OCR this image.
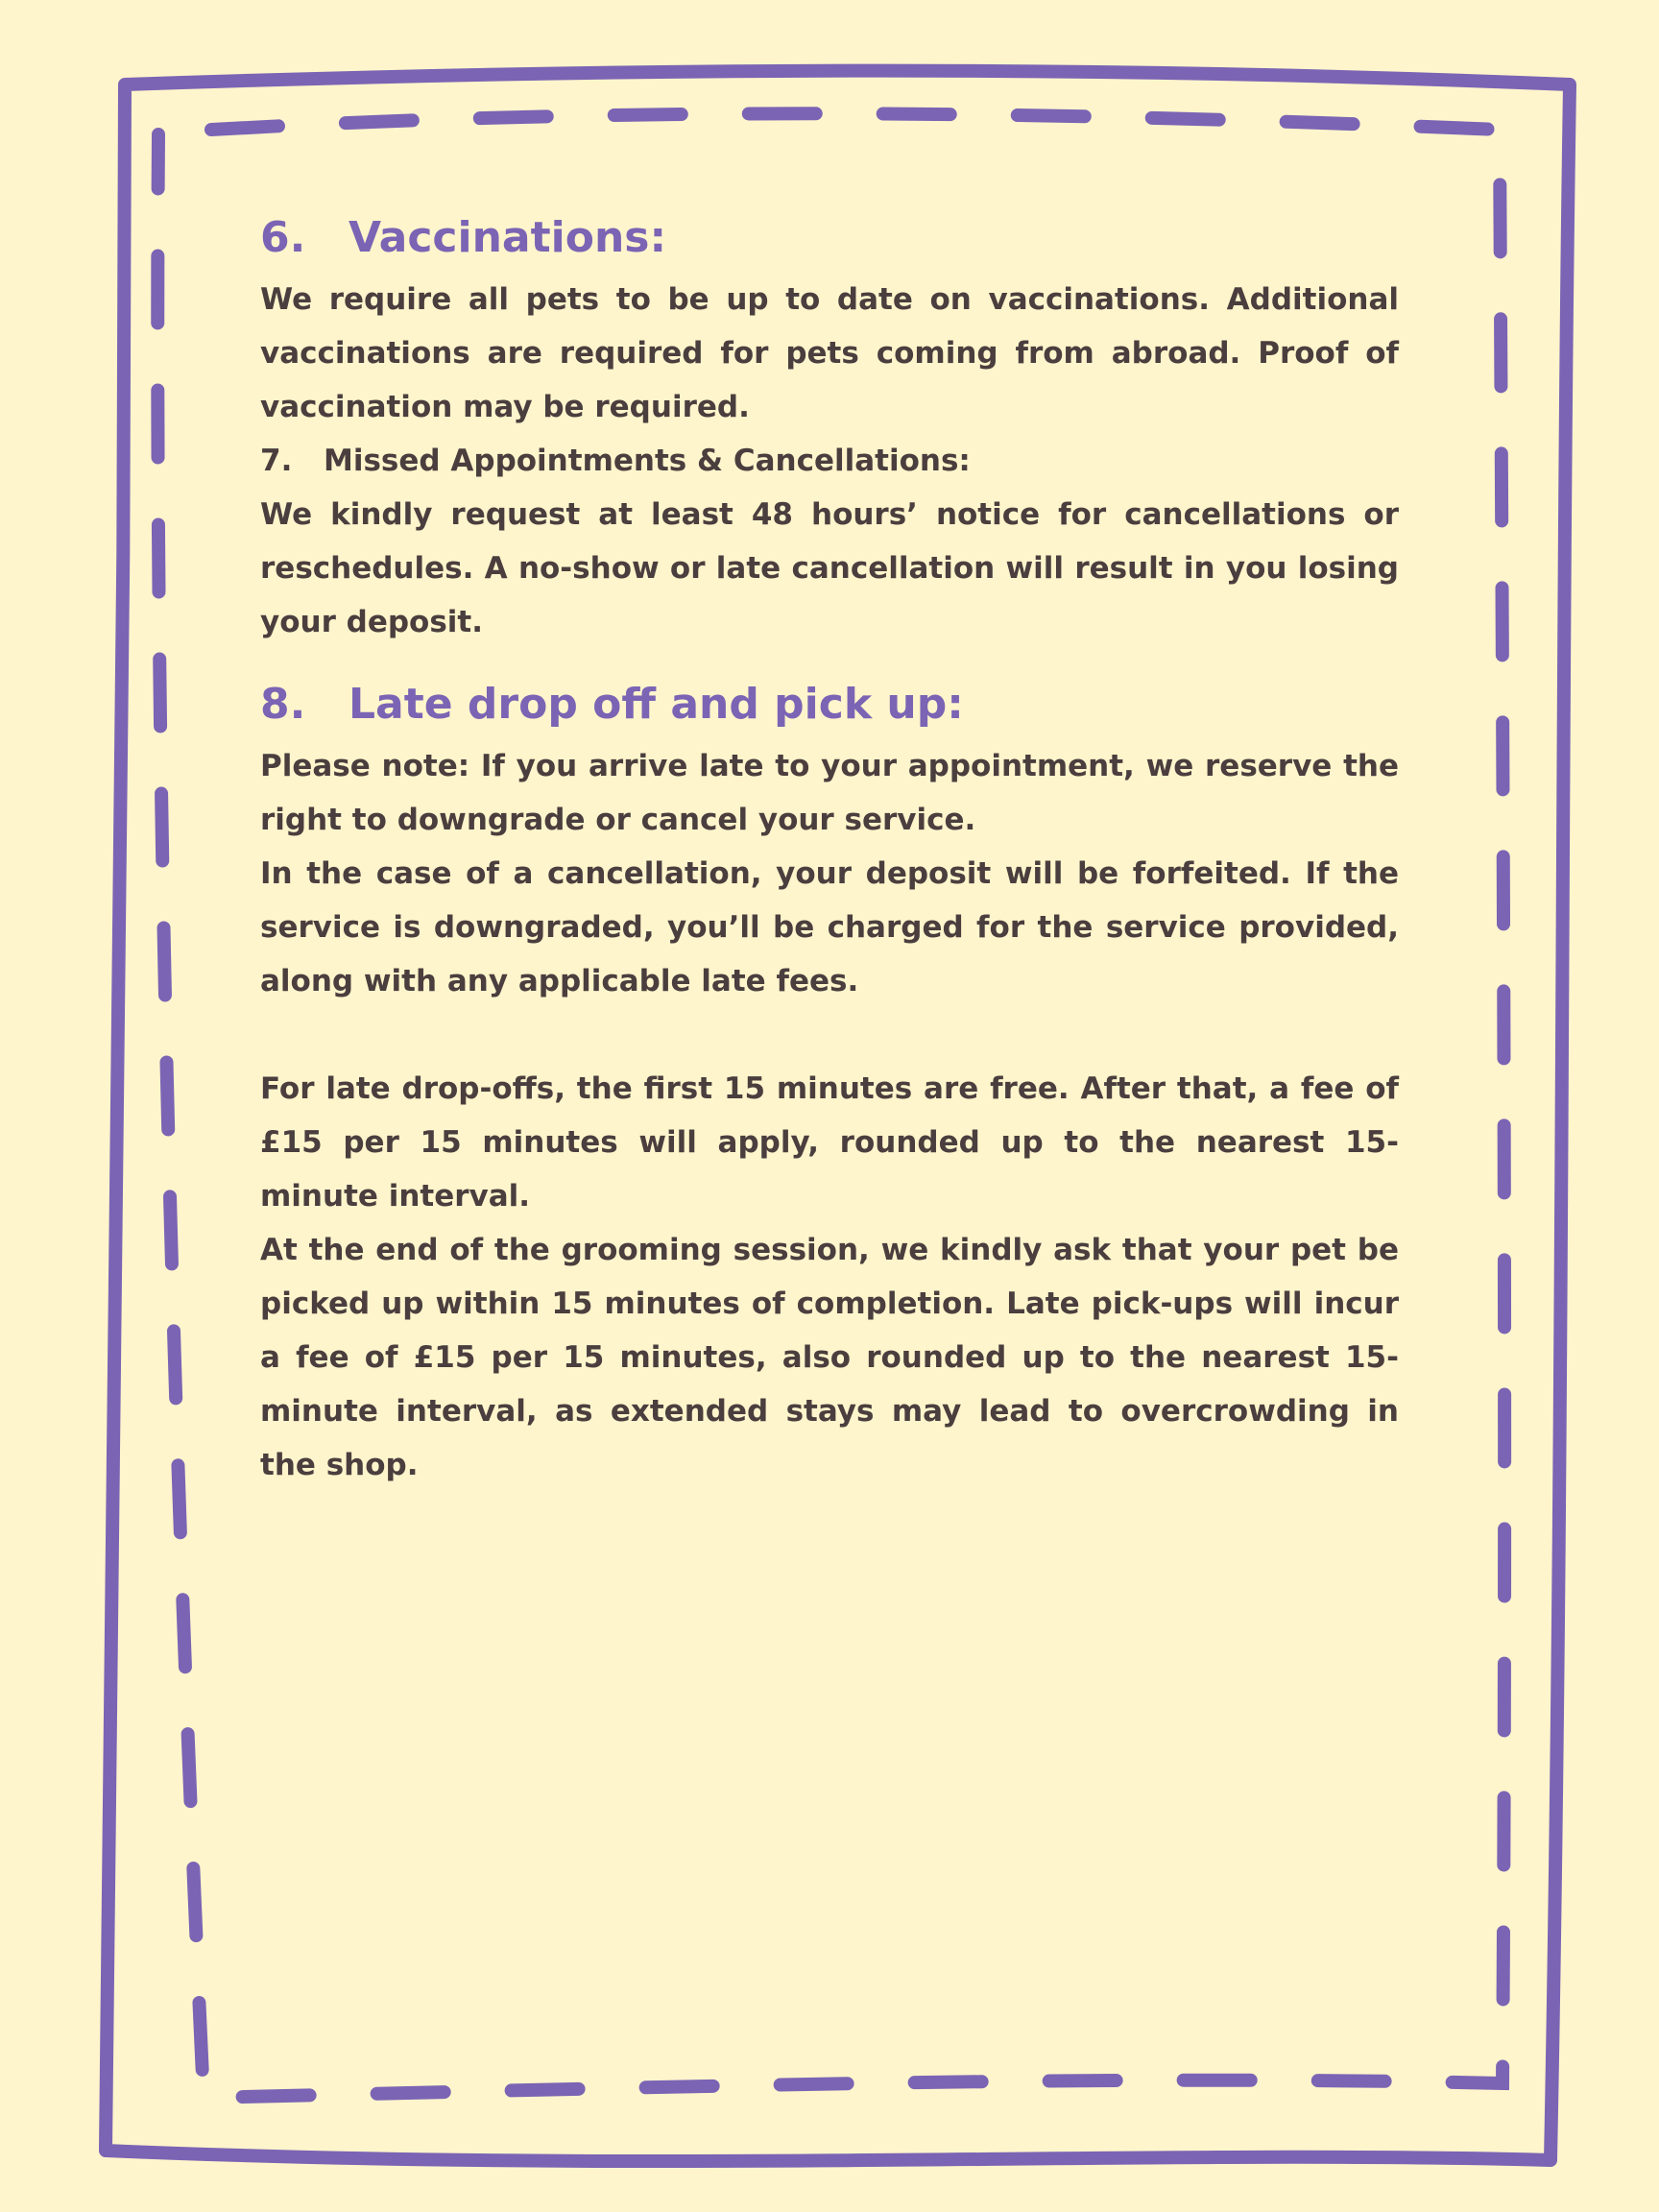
6. Vaccinations:

We require all pets to be up to date on vaccinations. Additional vaccinations are required for pets coming from abroad. Proof of vaccination may be required.

7. Missed Appointments & Cancellations:

We kindly request at least 48 hours’ notice for cancellations or reschedules. A no-show or late cancellation will result in you losing your deposit.

8. Late drop off and pick up:

Please note: If you arrive late to your appointment, we reserve the right to downgrade or cancel your service.

In the case of a cancellation, your deposit will be forfeited. If the service is downgraded, you’ll be charged for the service provided, along with any applicable late fees.

For late drop-offs, the first 15 minutes are free. After that, a fee of £15 per 15 minutes will apply, rounded up to the nearest 15-minute interval.

At the end of the grooming session, we kindly ask that your pet be picked up within 15 minutes of completion. Late pick-ups will incur a fee of £15 per 15 minutes, also rounded up to the nearest 15-minute interval, as extended stays may lead to overcrowding in the shop.
